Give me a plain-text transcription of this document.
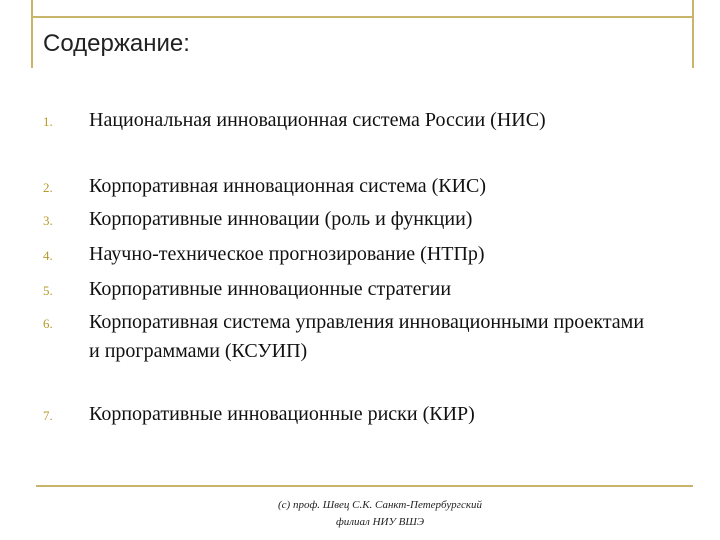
Содержание:
1. Национальная инновационная система России (НИС)
2. Корпоративная инновационная система (КИС)
3. Корпоративные инновации (роль и функции)
4. Научно-техническое прогнозирование (НТПр)
5. Корпоративные инновационные стратегии
6. Корпоративная система управления инновационными проектами и программами (КСУИП)
7. Корпоративные инновационные риски (КИР)
(c) проф. Швец С.К. Санкт-Петербургский
филиал НИУ ВШЭ
